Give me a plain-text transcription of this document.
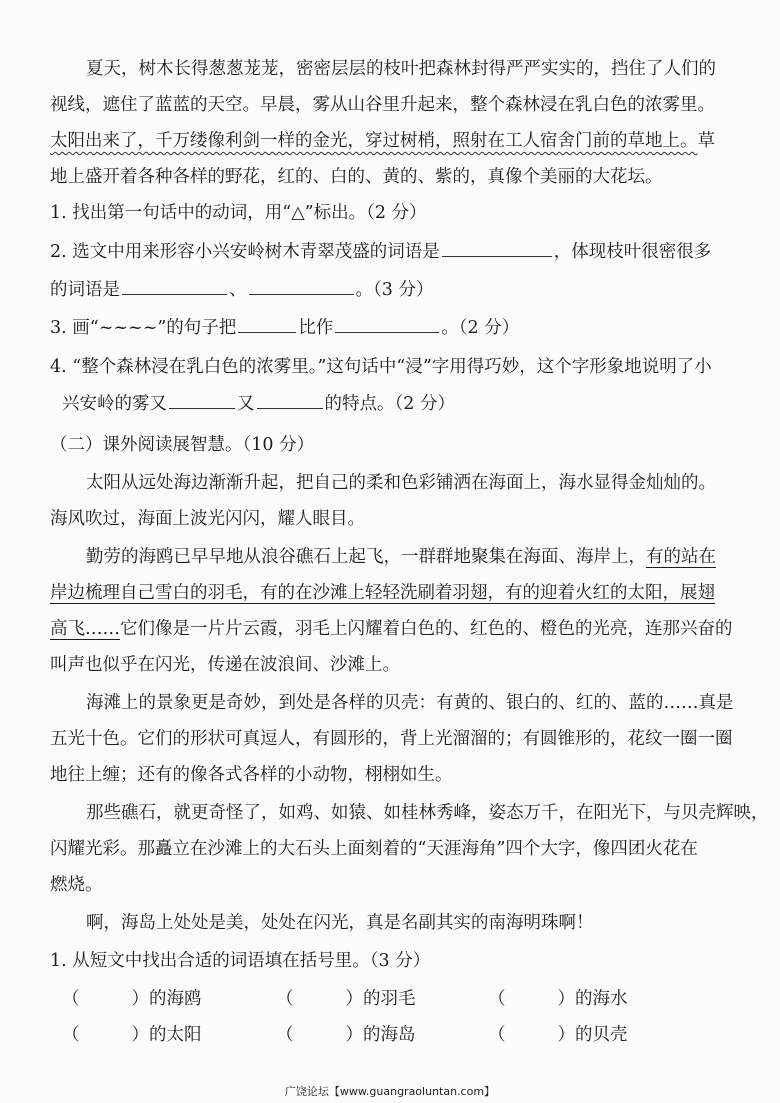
夏天，树木长得葱葱茏茏，密密层层的枝叶把森林封得严严实实的，挡住了人们的
视线，遮住了蓝蓝的天空。早晨，雾从山谷里升起来，整个森林浸在乳白色的浓雾里。
太阳出来了，千万缕像利剑一样的金光，穿过树梢，照射在工人宿舍门前的草地上。草
地上盛开着各种各样的野花，红的、白的、黄的、紫的，真像个美丽的大花坛。
1. 找出第一句话中的动词，用“△”标出。（2 分）
2. 选文中用来形容小兴安岭树木青翠茂盛的词语是	，体现枝叶很密很多
的词语是	、	。（3 分）
3. 画“~~~~”的句子把	比作	。（2 分）
4. “整个森林浸在乳白色的浓雾里。”这句话中“浸”字用得巧妙，这个字形象地说明了小
兴安岭的雾又	又	的特点。（2 分）
（二）课外阅读展智慧。（10 分）
太阳从远处海边渐渐升起，把自己的柔和色彩铺洒在海面上，海水显得金灿灿的。
海风吹过，海面上波光闪闪，耀人眼目。
勤劳的海鸥已早早地从浪谷礁石上起飞，一群群地聚集在海面、海岸上，有的站在
岸边梳理自己雪白的羽毛，有的在沙滩上轻轻洗刷着羽翅，有的迎着火红的太阳，展翅
高飞……它们像是一片片云霞，羽毛上闪耀着白色的、红色的、橙色的光亮，连那兴奋的
叫声也似乎在闪光，传递在波浪间、沙滩上。
海滩上的景象更是奇妙，到处是各样的贝壳：有黄的、银白的、红的、蓝的……真是
五光十色。它们的形状可真逗人，有圆形的，背上光溜溜的；有圆锥形的，花纹一圈一圈
地往上缠；还有的像各式各样的小动物，栩栩如生。
那些礁石，就更奇怪了，如鸡、如猿、如桂林秀峰，姿态万千，在阳光下，与贝壳辉映，
闪耀光彩。那矗立在沙滩上的大石头上面刻着的“天涯海角”四个大字，像四团火花在
燃烧。
啊，海岛上处处是美，处处在闪光，真是名副其实的南海明珠啊！
1. 从短文中找出合适的词语填在括号里。（3 分）
（	）的海鸥	（	）的羽毛	（	）的海水
（	）的太阳	（	）的海岛	（	）的贝壳
广饶论坛【www.guangraoluntan.com】
